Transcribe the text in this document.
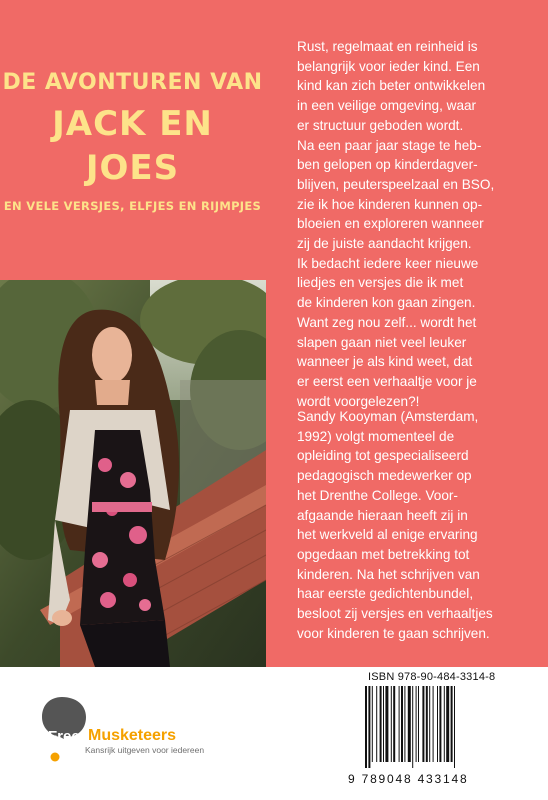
DE AVONTUREN VAN
JACK EN JOES
EN VELE VERSJES, ELFJES EN RIJMPJES
Rust, regelmaat en reinheid is
belangrijk voor ieder kind. Een
kind kan zich beter ontwikkelen
in een veilige omgeving, waar
er structuur geboden wordt.
Na een paar jaar stage te heb-
ben gelopen op kinderdagver-
blijven, peuterspeelzaal en BSO,
zie ik hoe kinderen kunnen op-
bloeien en exploreren wanneer
zij de juiste aandacht krijgen.
Ik bedacht iedere keer nieuwe
liedjes en versjes die ik met
de kinderen kon gaan zingen.
Want zeg nou zelf... wordt het
slapen gaan niet veel leuker
wanneer je als kind weet, dat
er eerst een verhaaltje voor je
wordt voorgelezen?!
Sandy Kooyman (Amsterdam,
1992) volgt momenteel de
opleiding tot gespecialiseerd
pedagogisch medewerker op
het Drenthe College. Voor-
afgaande hieraan heeft zij in
het werkveld al enige ervaring
opgedaan met betrekking tot
kinderen. Na het schrijven van
haar eerste gedichtenbundel,
besloot zij versjes en verhaaltjes
voor kinderen te gaan schrijven.
Free Musketeers
Kansrijk uitgeven voor iedereen
ISBN 978-90-484-3314-8
9 789048 433148
